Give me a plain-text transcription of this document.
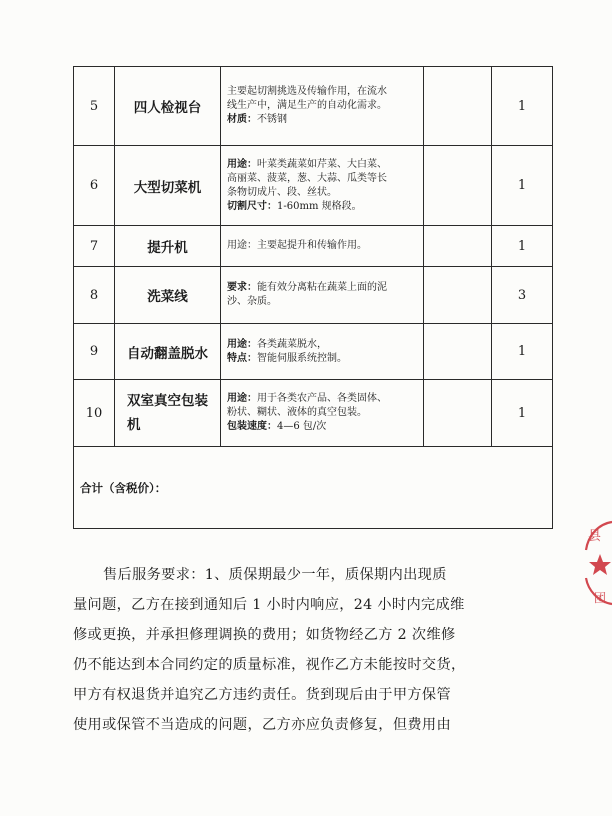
5	四人检视台	主要起切割挑选及传输作用，在流水
线生产中，满足生产的自动化需求。
材质：不锈钢		1
6	大型切菜机	用途：叶菜类蔬菜如芹菜、大白菜、
高丽菜、菠菜，葱、大蒜、瓜类等长
条物切成片、段、丝状。
切割尺寸：1-60mm 规格段。		1
7	提升机	用途：主要起提升和传输作用。		1
8	洗菜线	要求：能有效分离粘在蔬菜上面的泥
沙、杂质。		3
9	自动翻盖脱水	用途：各类蔬菜脱水，
特点：智能伺服系统控制。		1
10	双室真空包装
机	用途：用于各类农产品、各类固体、
粉状、糊状、液体的真空包装。
包装速度：4—6 包/次		1
合计（含税价）：				
县
团
售后服务要求：1、质保期最少一年，质保期内出现质
量问题，乙方在接到通知后 1 小时内响应，24 小时内完成维
修或更换，并承担修理调换的费用；如货物经乙方 2 次维修
仍不能达到本合同约定的质量标准，视作乙方未能按时交货，
甲方有权退货并追究乙方违约责任。货到现后由于甲方保管
使用或保管不当造成的问题，乙方亦应负责修复，但费用由
